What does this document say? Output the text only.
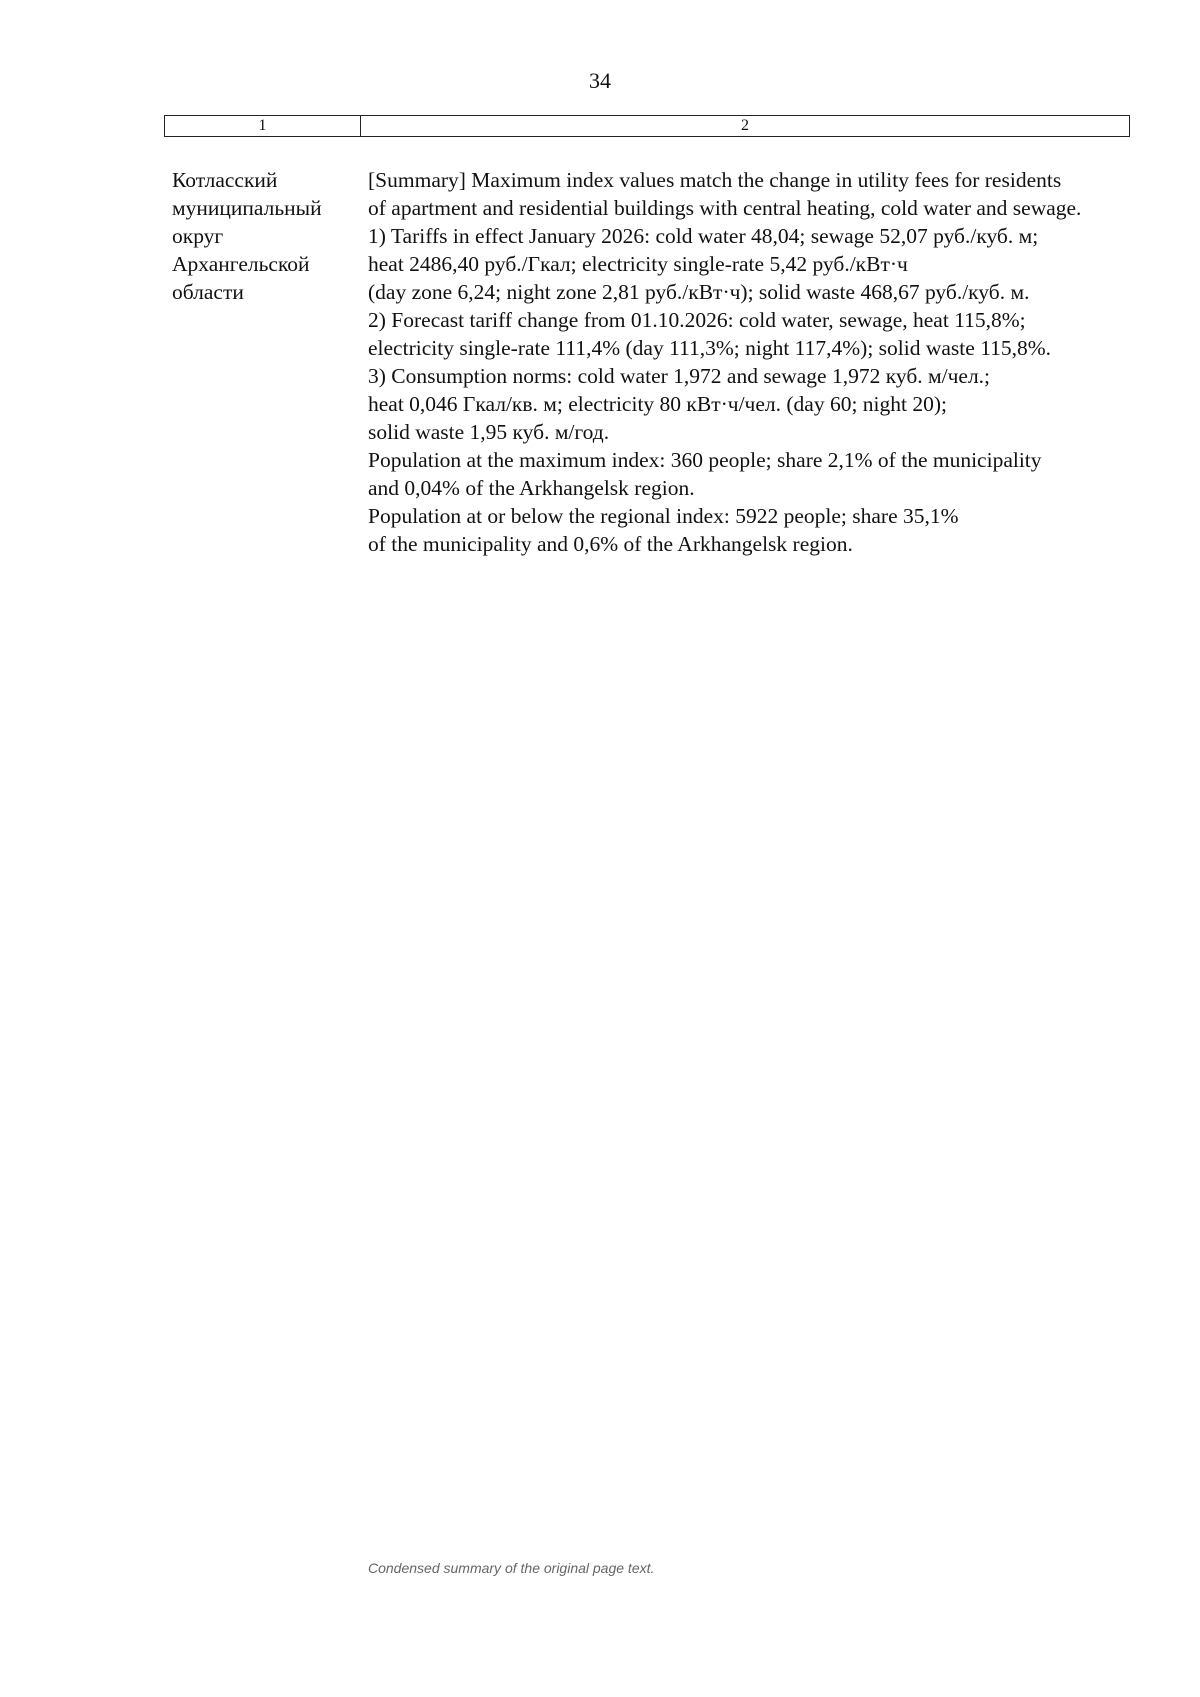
34
1	2
Котласский
муниципальный
округ
Архангельской
области
[Summary] Maximum index values match the change in utility fees for residents
of apartment and residential buildings with central heating, cold water and sewage.
1) Tariffs in effect January 2026: cold water 48,04; sewage 52,07 руб./куб. м;
heat 2486,40 руб./Гкал; electricity single-rate 5,42 руб./кВт·ч
(day zone 6,24; night zone 2,81 руб./кВт·ч); solid waste 468,67 руб./куб. м.
2) Forecast tariff change from 01.10.2026: cold water, sewage, heat 115,8%;
electricity single-rate 111,4% (day 111,3%; night 117,4%); solid waste 115,8%.
3) Consumption norms: cold water 1,972 and sewage 1,972 куб. м/чел.;
heat 0,046 Гкал/кв. м; electricity 80 кВт·ч/чел. (day 60; night 20);
solid waste 1,95 куб. м/год.
Population at the maximum index: 360 people; share 2,1% of the municipality
and 0,04% of the Arkhangelsk region.
Population at or below the regional index: 5922 people; share 35,1%
of the municipality and 0,6% of the Arkhangelsk region.
Condensed summary of the original page text.
